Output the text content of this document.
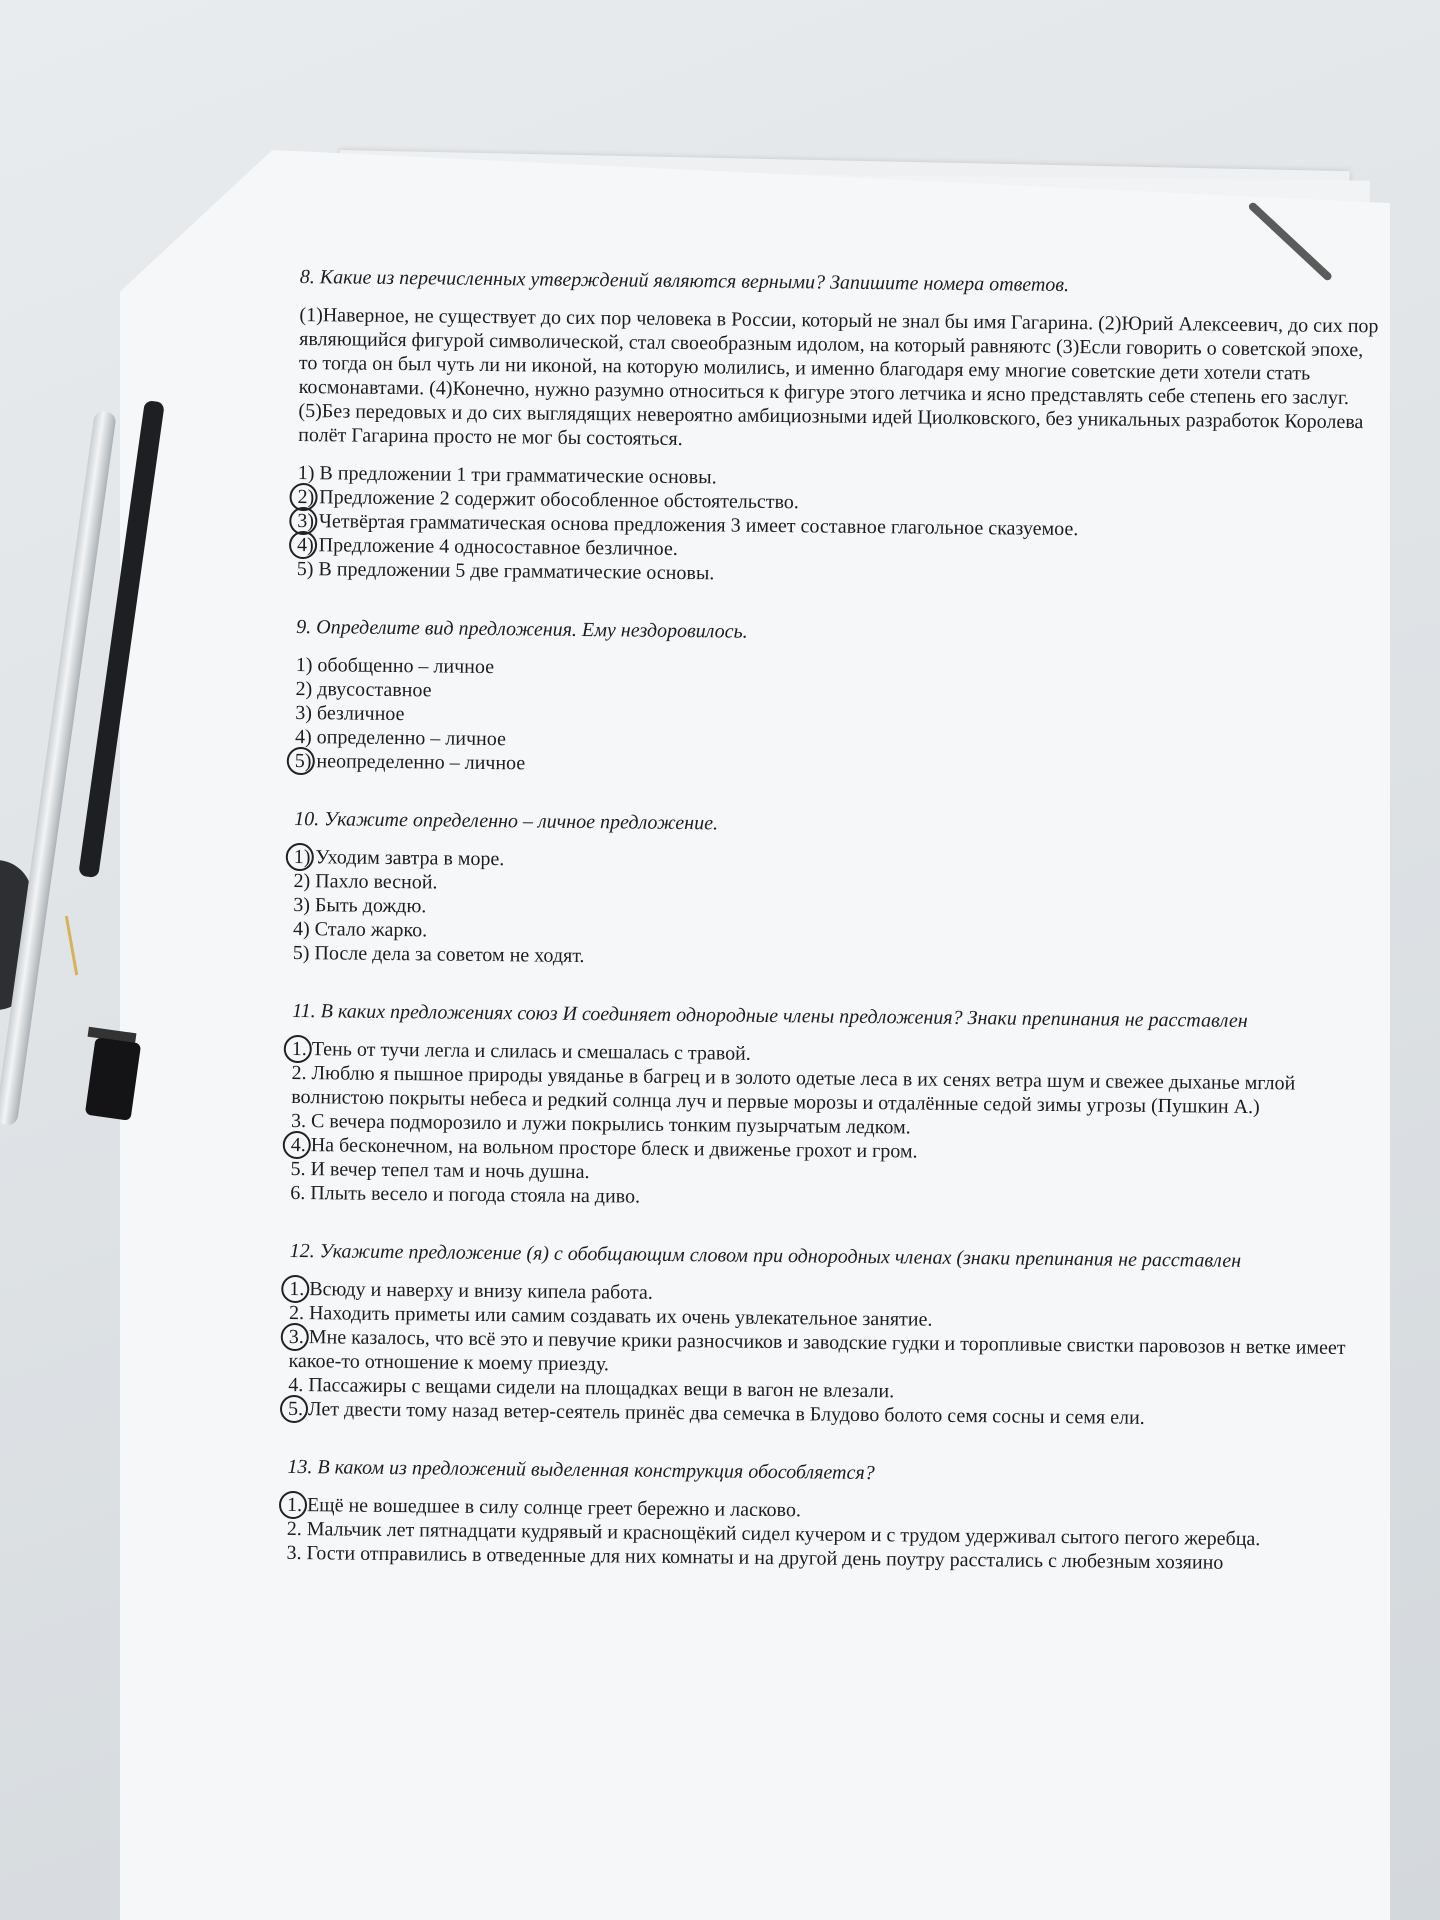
8. Какие из перечисленных утверждений являются верными? Запишите номера ответов.

(1)Наверное, не существует до сих пор человека в России, который не знал бы имя Гагарина. (2)Юрий Алексеевич, до сих пор являющийся фигурой символической, стал своеобразным идолом, на который равняютс (3)Если говорить о советской эпохе, то тогда он был чуть ли ни иконой, на которую молились, и именно благодаря ему многие советские дети хотели стать космонавтами. (4)Конечно, нужно разумно относиться к фигуре этого летчика и ясно представлять себе степень его заслуг. (5)Без передовых и до сих выглядящих невероятно амбициозными идей Циолковского, без уникальных разработок Королева полёт Гагарина просто не мог бы состояться.

1) В предложении 1 три грамматические основы.

2) Предложение 2 содержит обособленное обстоятельство.

3) Четвёртая грамматическая основа предложения 3 имеет составное глагольное сказуемое.

4) Предложение 4 односоставное безличное.

5) В предложении 5 две грамматические основы.

9. Определите вид предложения. Ему нездоровилось.

1) обобщенно – личное

2) двусоставное

3) безличное

4) определенно – личное

5) неопределенно – личное

10. Укажите определенно – личное предложение.

1) Уходим завтра в море.

2) Пахло весной.

3) Быть дождю.

4) Стало жарко.

5) После дела за советом не ходят.

11. В каких предложениях союз И соединяет однородные члены предложения? Знаки препинания не расставлен

1. Тень от тучи легла и слилась и смешалась с травой.

2. Люблю я пышное природы увяданье в багрец и в золото одетые леса в их сенях ветра шум и свежее дыханье мглой волнистою покрыты небеса и редкий солнца луч и первые морозы и отдалённые седой зимы угрозы (Пушкин А.)

3. С вечера подморозило и лужи покрылись тонким пузырчатым ледком.

4. На бесконечном, на вольном просторе блеск и движенье грохот и гром.

5. И вечер тепел там и ночь душна.

6. Плыть весело и погода стояла на диво.

12. Укажите предложение (я) с обобщающим словом при однородных членах (знаки препинания не расставлен

1. Всюду и наверху и внизу кипела работа.

2. Находить приметы или самим создавать их очень увлекательное занятие.

3. Мне казалось, что всё это и певучие крики разносчиков и заводские гудки и торопливые свистки паровозов н ветке имеет какое-то отношение к моему приезду.

4. Пассажиры с вещами сидели на площадках вещи в вагон не влезали.

5. Лет двести тому назад ветер-сеятель принёс два семечка в Блудово болото семя сосны и семя ели.

13. В каком из предложений выделенная конструкция обособляется?

1. Ещё не вошедшее в силу солнце греет бережно и ласково.

2. Мальчик лет пятнадцати кудрявый и краснощёкий сидел кучером и с трудом удерживал сытого пегого жеребца.

3. Гости отправились в отведенные для них комнаты и на другой день поутру расстались с любезным хозяино
